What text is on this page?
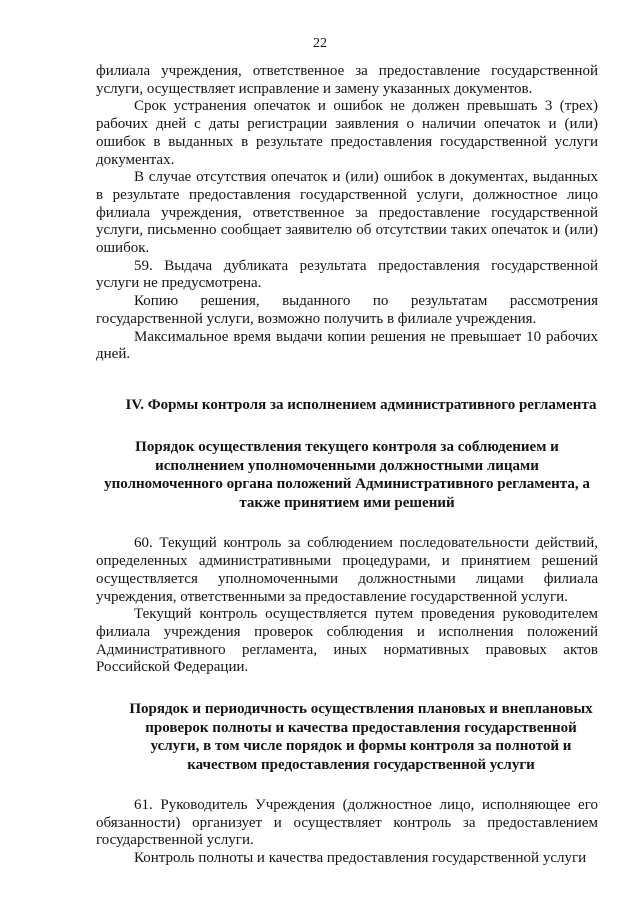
22

филиала учреждения, ответственное за предоставление государственной услуги, осуществляет исправление и замену указанных документов.

Срок устранения опечаток и ошибок не должен превышать 3 (трех) рабочих дней с даты регистрации заявления о наличии опечаток и (или) ошибок в выданных в результате предоставления государственной услуги документах.

В случае отсутствия опечаток и (или) ошибок в документах, выданных в результате предоставления государственной услуги, должностное лицо филиала учреждения, ответственное за предоставление государственной услуги, письменно сообщает заявителю об отсутствии таких опечаток и (или) ошибок.

59. Выдача дубликата результата предоставления государственной услуги не предусмотрена.

Копию решения, выданного по результатам рассмотрения государственной услуги, возможно получить в филиале учреждения.

Максимальное время выдачи копии решения не превышает 10 рабочих дней.

IV. Формы контроля за исполнением административного регламента

Порядок осуществления текущего контроля за соблюдением и исполнением уполномоченными должностными лицами уполномоченного органа положений Административного регламента, а также принятием ими решений

60. Текущий контроль за соблюдением последовательности действий, определенных административными процедурами, и принятием решений осуществляется уполномоченными должностными лицами филиала учреждения, ответственными за предоставление государственной услуги.

Текущий контроль осуществляется путем проведения руководителем филиала учреждения проверок соблюдения и исполнения положений Административного регламента, иных нормативных правовых актов Российской Федерации.

Порядок и периодичность осуществления плановых и внеплановых проверок полноты и качества предоставления государственной услуги, в том числе порядок и формы контроля за полнотой и качеством предоставления государственной услуги

61. Руководитель Учреждения (должностное лицо, исполняющее его обязанности) организует и осуществляет контроль за предоставлением государственной услуги.

Контроль полноты и качества предоставления государственной услуги
